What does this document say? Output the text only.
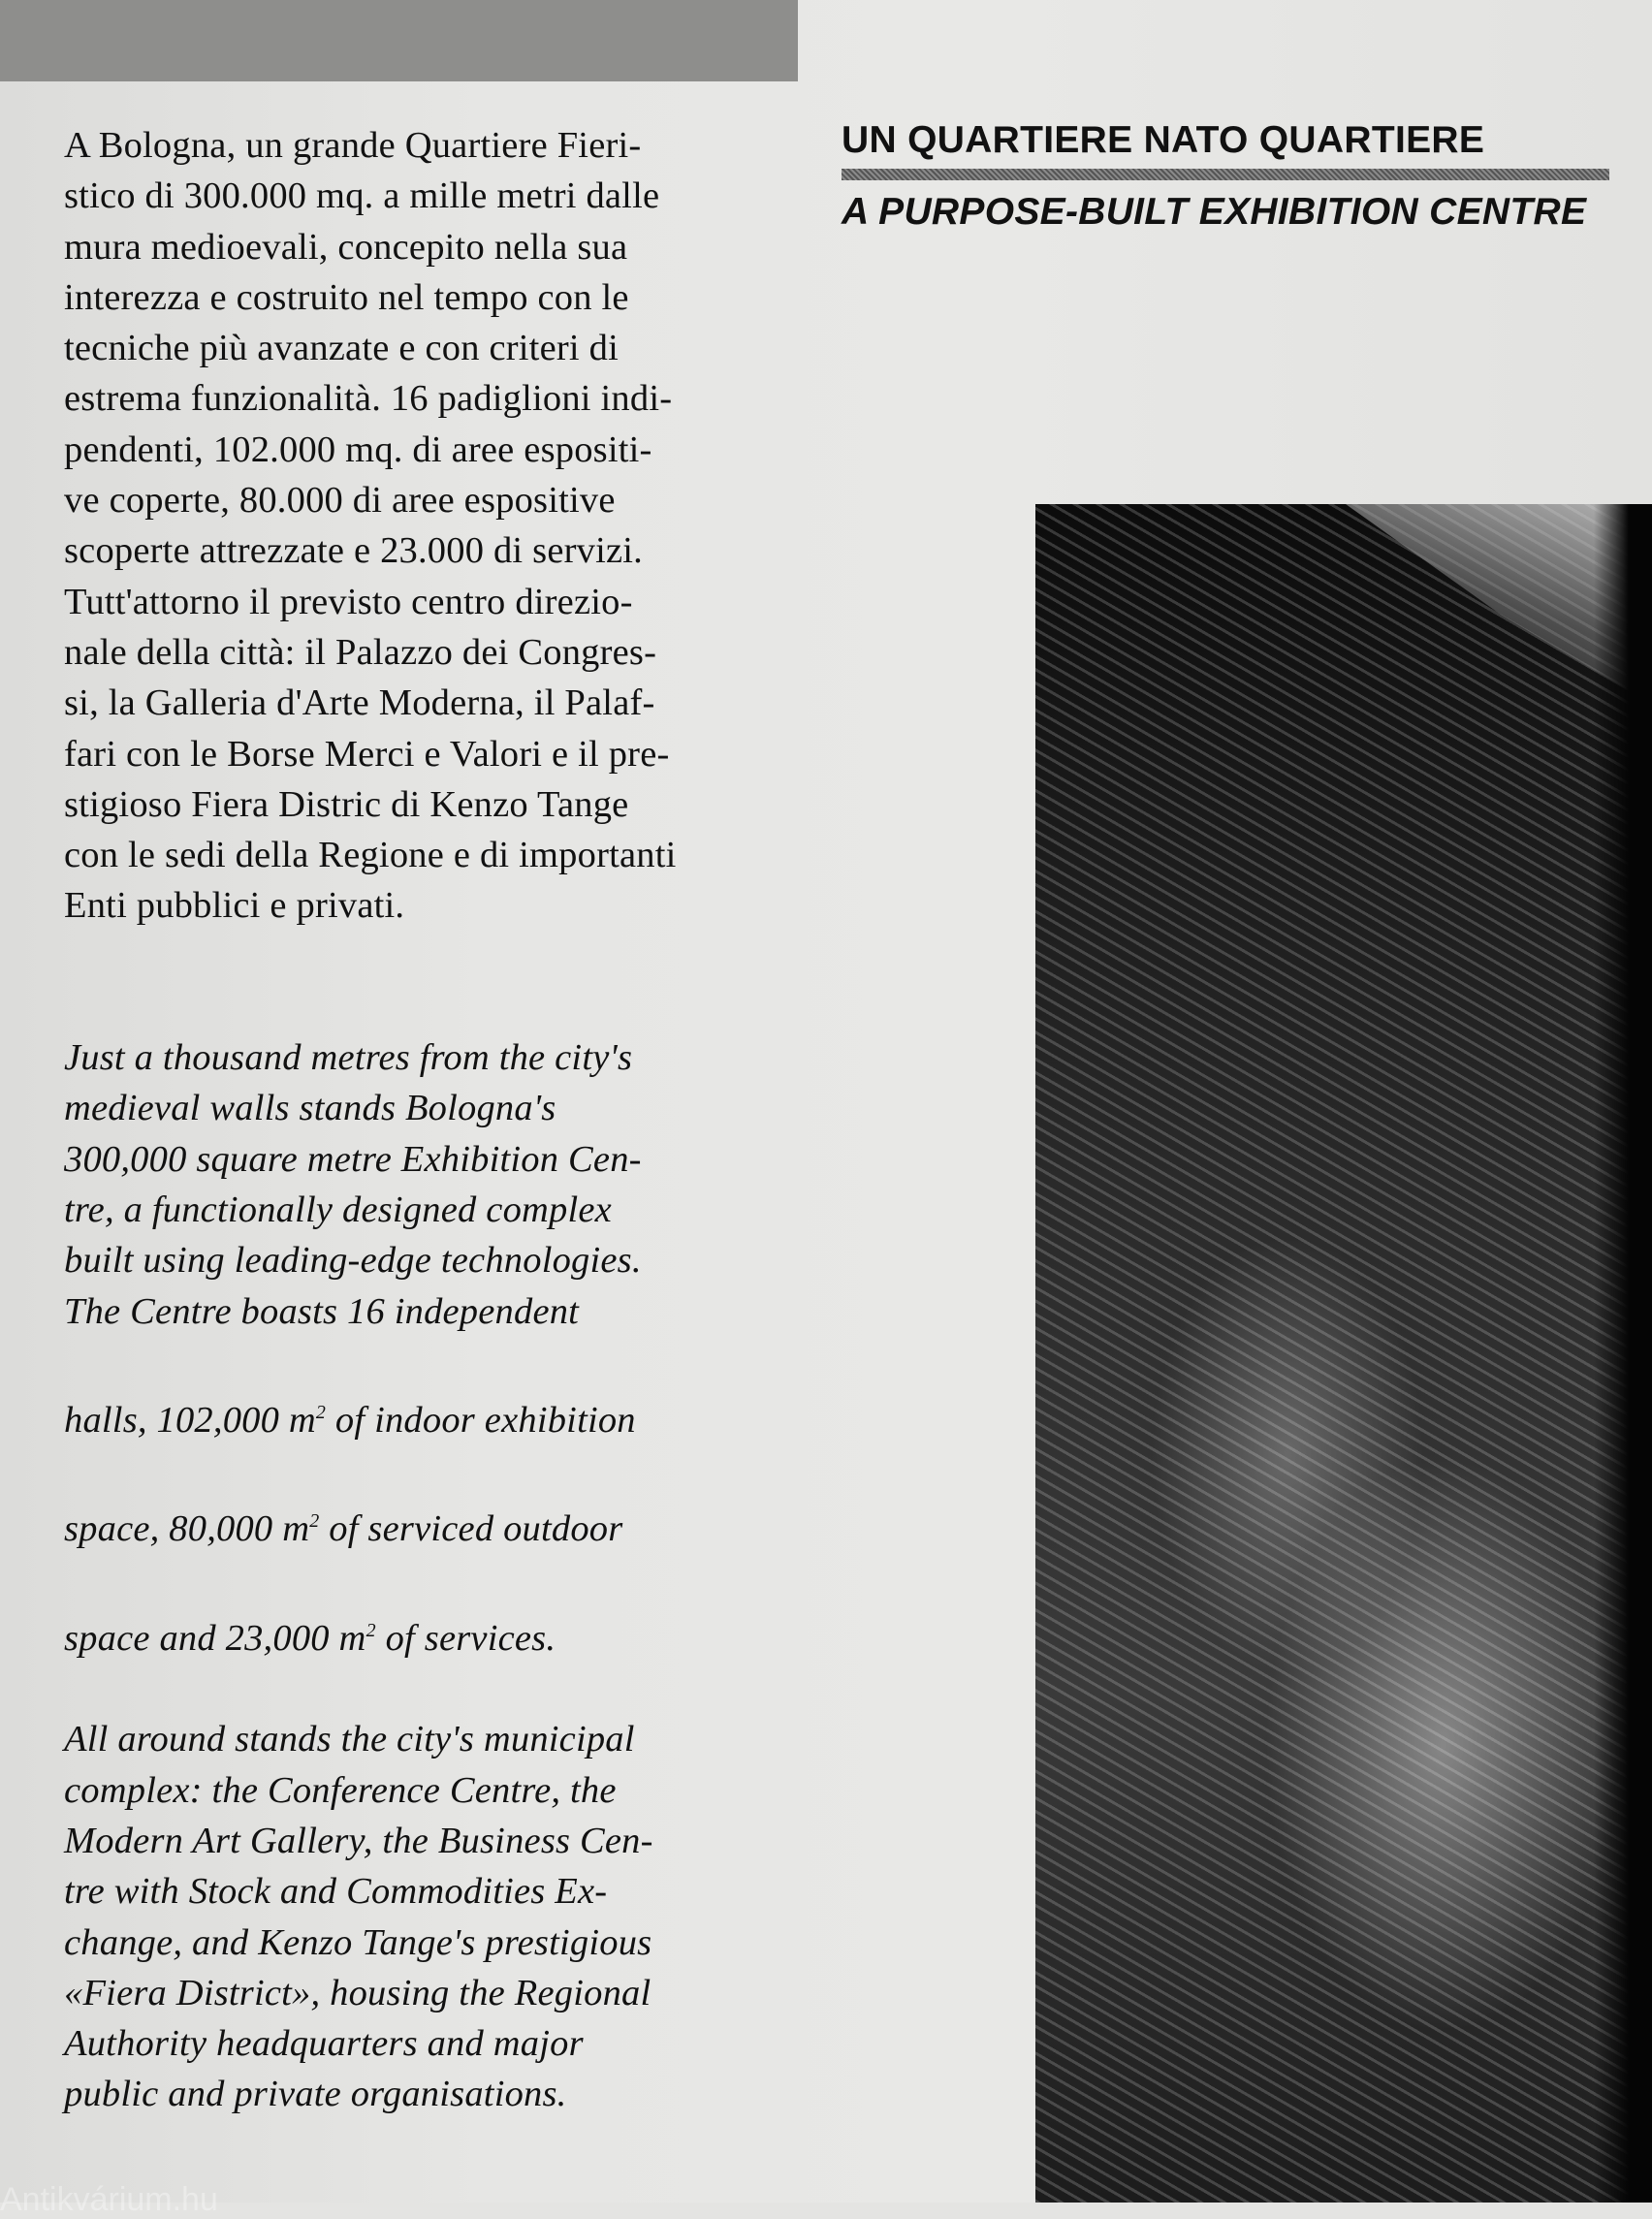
A Bologna, un grande Quartiere Fieri-
stico di 300.000 mq. a mille metri dalle
mura medioevali, concepito nella sua
interezza e costruito nel tempo con le
tecniche più avanzate e con criteri di
estrema funzionalità. 16 padiglioni indi-
pendenti, 102.000 mq. di aree espositi-
ve coperte, 80.000 di aree espositive
scoperte attrezzate e 23.000 di servizi.
Tutt'attorno il previsto centro direzio-
nale della città: il Palazzo dei Congres-
si, la Galleria d'Arte Moderna, il Palaf-
fari con le Borse Merci e Valori e il pre-
stigioso Fiera Distric di Kenzo Tange
con le sedi della Regione e di importanti
Enti pubblici e privati.

Just a thousand metres from the city's
medieval walls stands Bologna's
300,000 square metre Exhibition Cen-
tre, a functionally designed complex
built using leading-edge technologies.
The Centre boasts 16 independent

halls, 102,000 $m^2$ of indoor exhibition

space, 80,000 $m^2$ of serviced outdoor

space and 23,000 $m^2$ of services.

All around stands the city's municipal
complex: the Conference Centre, the
Modern Art Gallery, the Business Cen-
tre with Stock and Commodities Ex-
change, and Kenzo Tange's prestigious
«Fiera District», housing the Regional
Authority headquarters and major
public and private organisations.

UN QUARTIERE NATO QUARTIERE
A PURPOSE-BUILT EXHIBITION CENTRE
Antikvárium.hu
